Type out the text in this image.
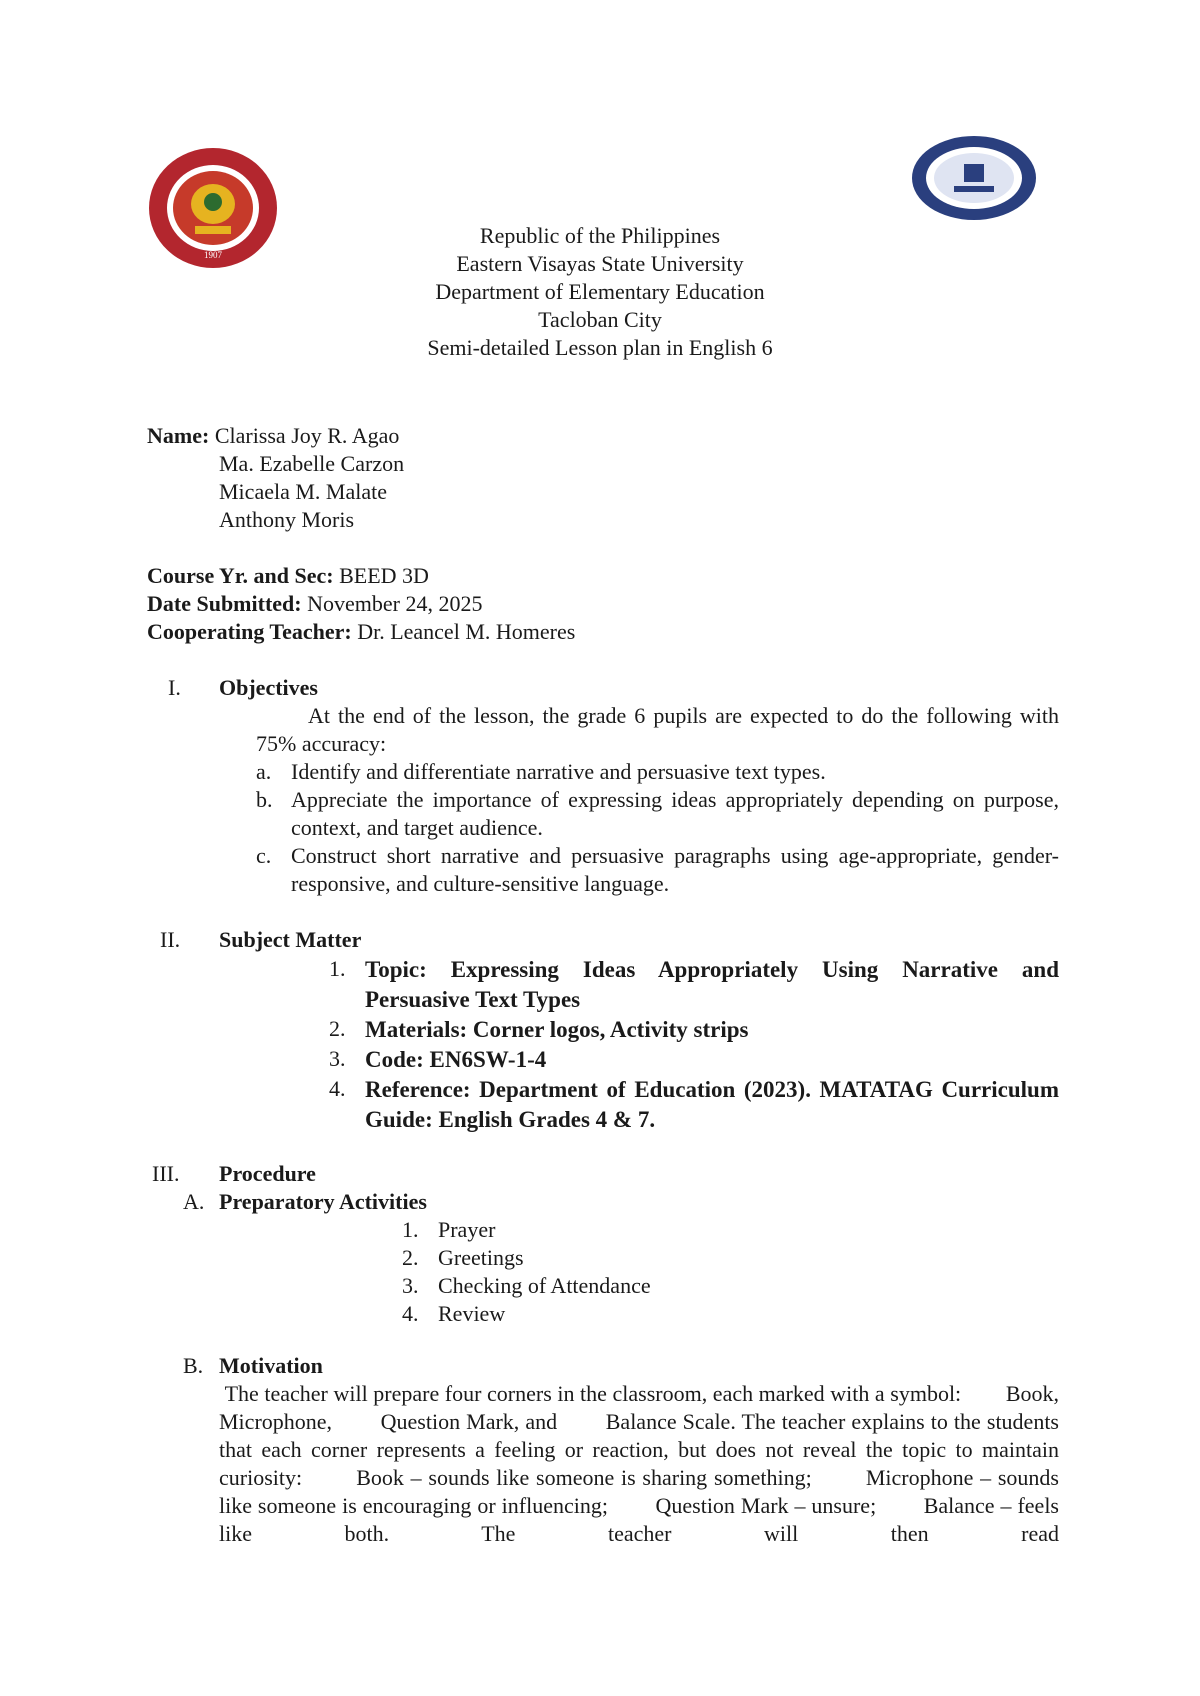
1907
Republic of the Philippines
Eastern Visayas State University
Department of Elementary Education
Tacloban City
Semi-detailed Lesson plan in English 6
Name: Clarissa Joy R. Agao
Ma. Ezabelle Carzon
Micaela M. Malate
Anthony Moris
Course Yr. and Sec: BEED 3D
Date Submitted: November 24, 2025
Cooperating Teacher: Dr. Leancel M. Homeres
I. Objectives
At the end of the lesson, the grade 6 pupils are expected to do the following with 75% accuracy:
a. Identify and differentiate narrative and persuasive text types.
b. Appreciate the importance of expressing ideas appropriately depending on purpose, context, and target audience.
c. Construct short narrative and persuasive paragraphs using age-appropriate, gender-responsive, and culture-sensitive language.
II. Subject Matter
1. Topic: Expressing Ideas Appropriately Using Narrative and Persuasive Text Types
2. Materials: Corner logos, Activity strips
3. Code: EN6SW-1-4
4. Reference: Department of Education (2023). MATATAG Curriculum Guide: English Grades 4 & 7.
III. Procedure
A. Preparatory Activities
1. Prayer
2. Greetings
3. Checking of Attendance
4. Review
B. Motivation
The teacher will prepare four corners in the classroom, each marked with a symbol:        Book,        Microphone,        Question Mark, and        Balance Scale. The teacher explains to the students that each corner represents a feeling or reaction, but does not reveal the topic to maintain curiosity:        Book – sounds like someone is sharing something;        Microphone – sounds like someone is encouraging or influencing;        Question Mark – unsure;        Balance – feels like both. The teacher will then read
